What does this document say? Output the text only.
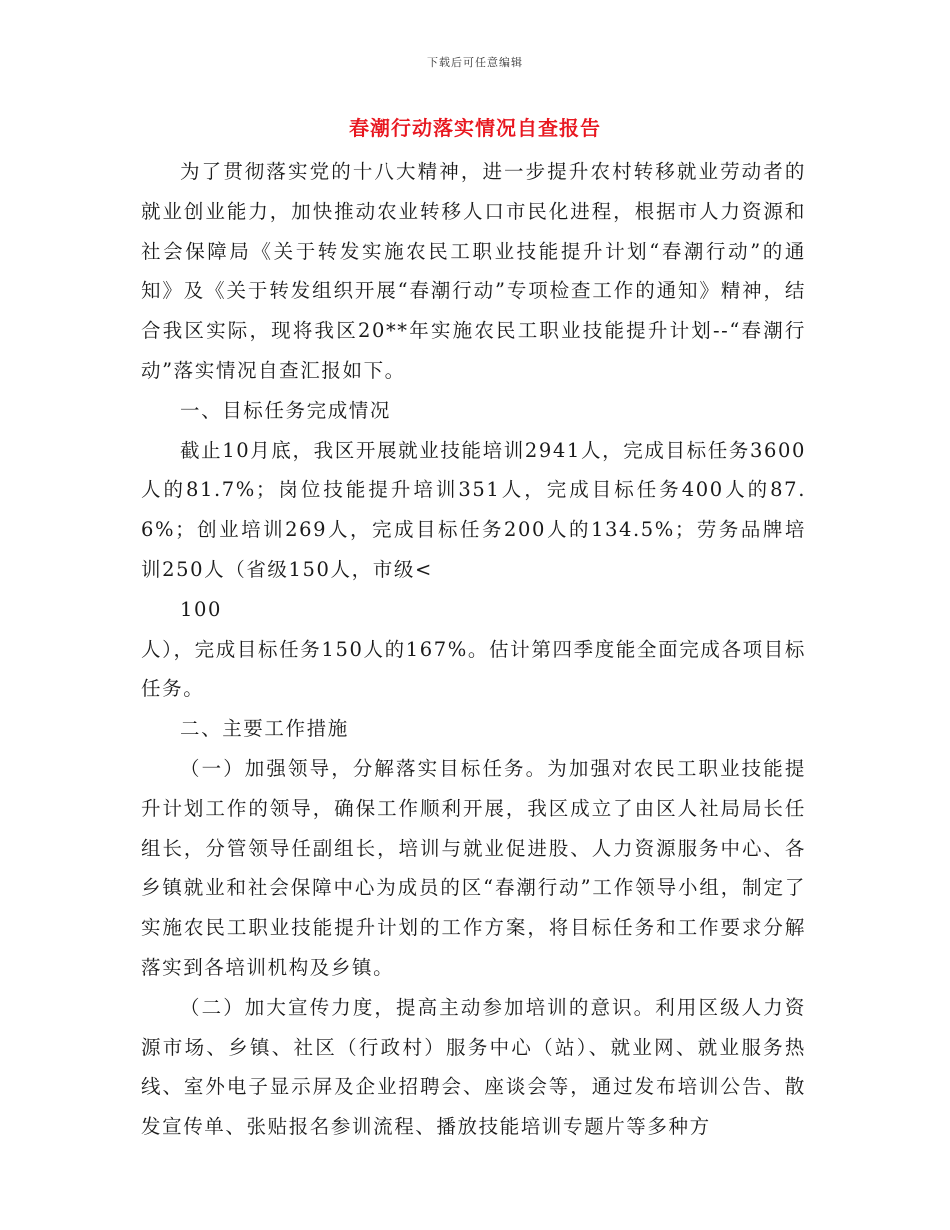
下载后可任意编辑
春潮行动落实情况自查报告

为了贯彻落实党的十八大精神，进一步提升农村转移就业劳动者的就业创业能力，加快推动农业转移人口市民化进程，根据市人力资源和社会保障局《关于转发实施农民工职业技能提升计划“春潮行动”的通知》及《关于转发组织开展“春潮行动”专项检查工作的通知》精神，结合我区实际，现将我区20**年实施农民工职业技能提升计划--“春潮行动”落实情况自查汇报如下。

一、目标任务完成情况

截止10月底，我区开展就业技能培训2941人，完成目标任务3600人的81.7%；岗位技能提升培训351人，完成目标任务400人的87.6%；创业培训269人，完成目标任务200人的134.5%；劳务品牌培训250人（省级150人，市级<

100

人），完成目标任务150人的167%。估计第四季度能全面完成各项目标任务。

二、主要工作措施

（一）加强领导，分解落实目标任务。为加强对农民工职业技能提升计划工作的领导，确保工作顺利开展，我区成立了由区人社局局长任组长，分管领导任副组长，培训与就业促进股、人力资源服务中心、各乡镇就业和社会保障中心为成员的区“春潮行动”工作领导小组，制定了实施农民工职业技能提升计划的工作方案，将目标任务和工作要求分解落实到各培训机构及乡镇。

（二）加大宣传力度，提高主动参加培训的意识。利用区级人力资源市场、乡镇、社区（行政村）服务中心（站）、就业网、就业服务热线、室外电子显示屏及企业招聘会、座谈会等，通过发布培训公告、散发宣传单、张贴报名参训流程、播放技能培训专题片等多种方
